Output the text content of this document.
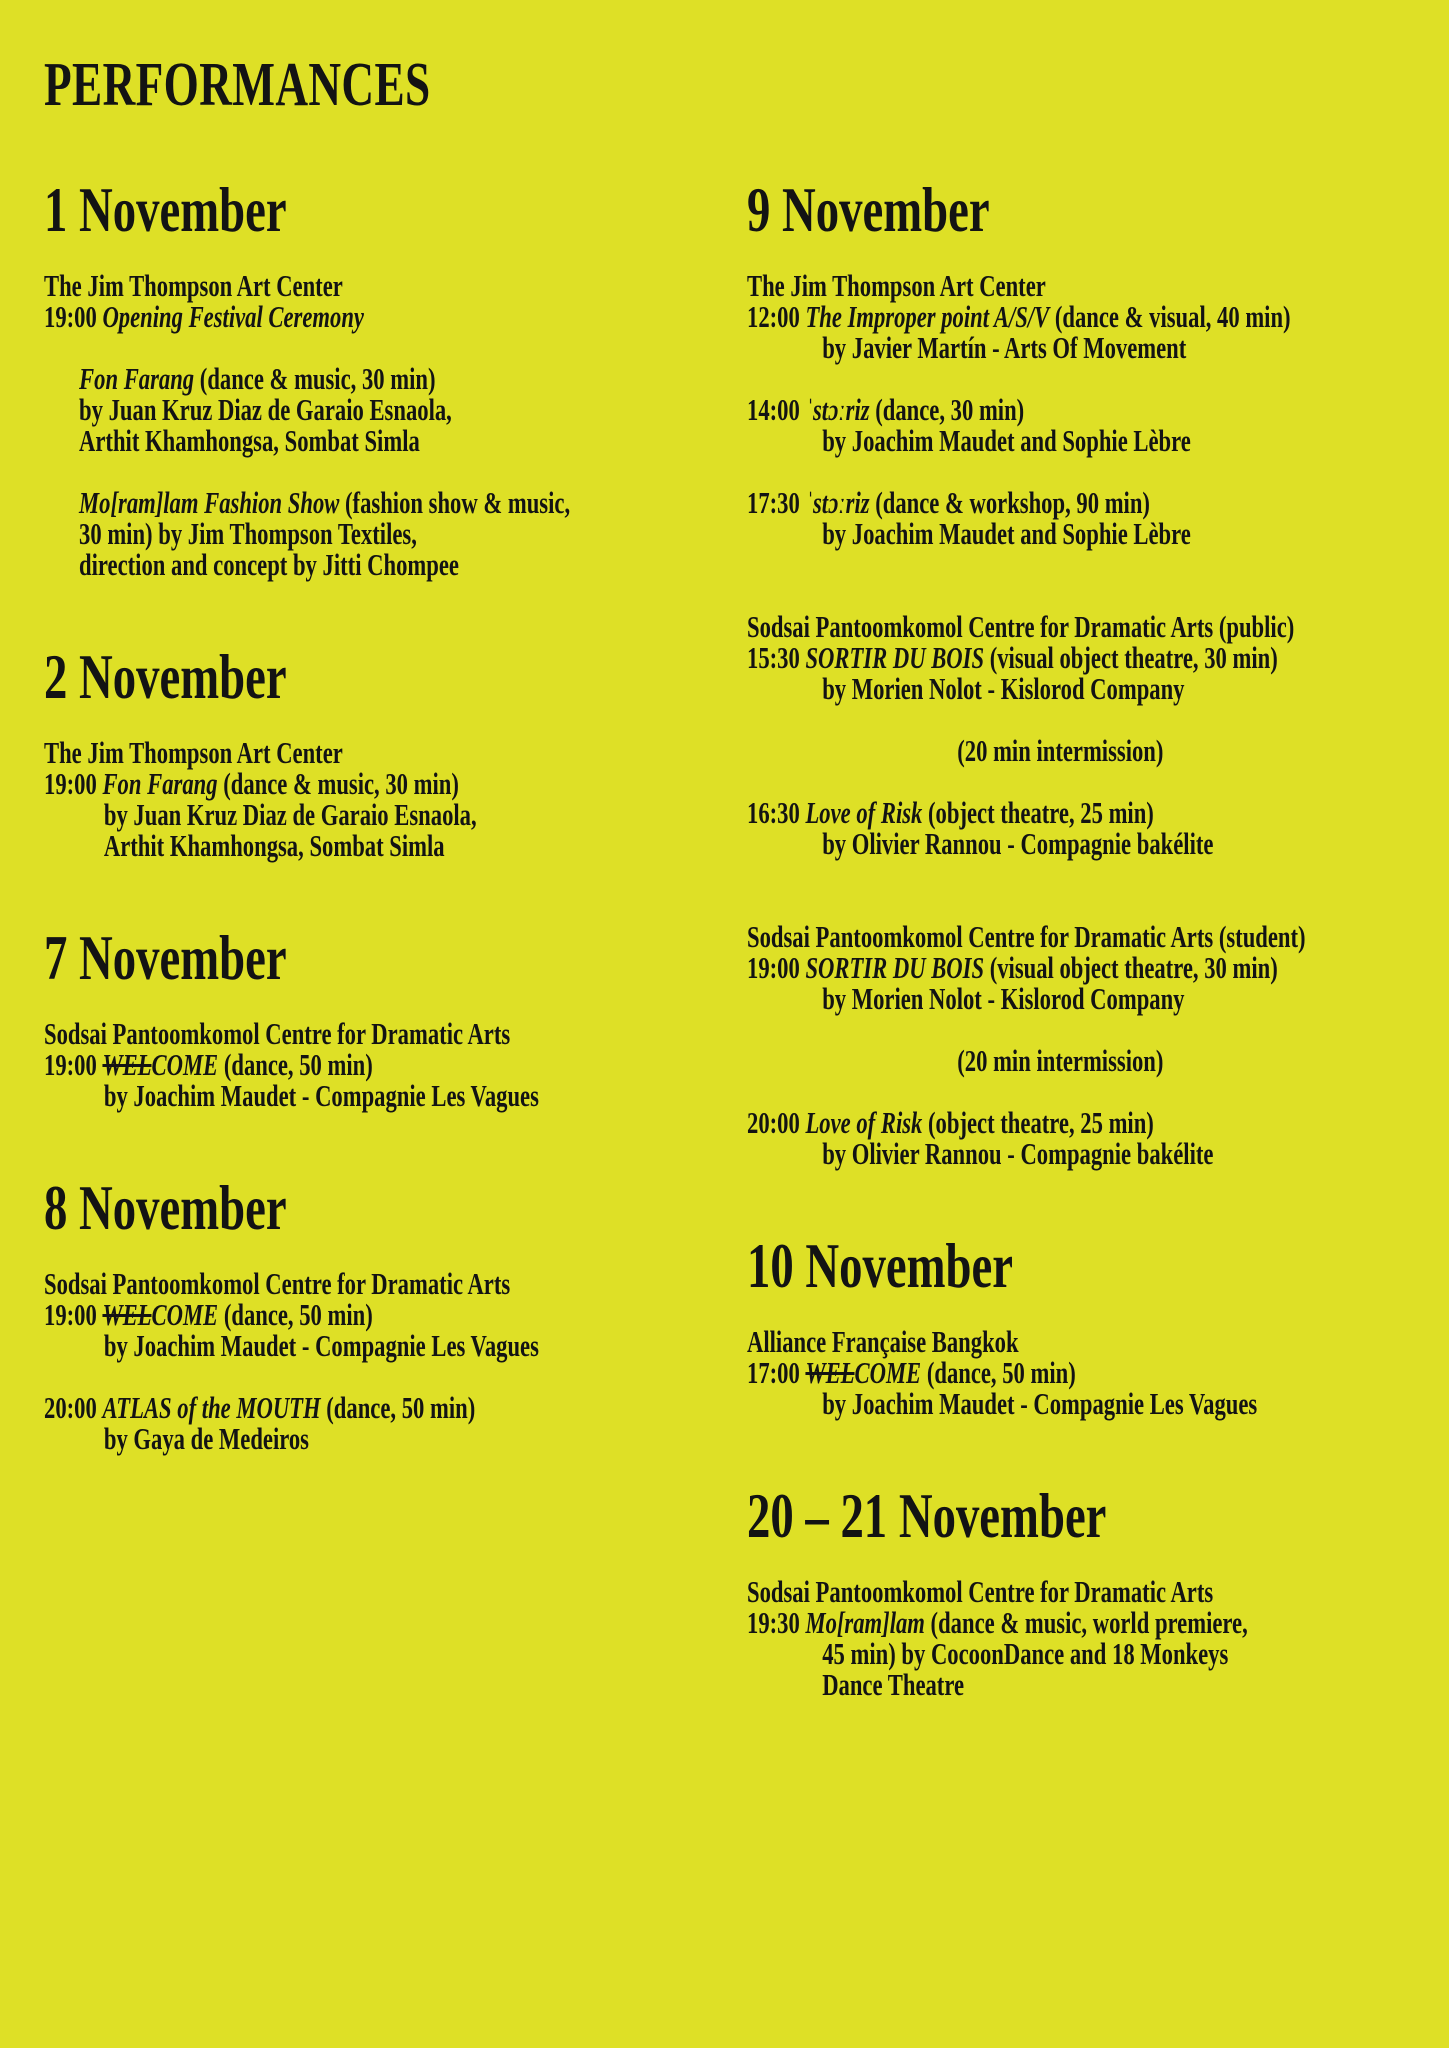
PERFORMANCES
1 November

The Jim Thompson Art Center

19:00 Opening Festival Ceremony

Fon Farang (dance & music, 30 min)

by Juan Kruz Diaz de Garaio Esnaola,

Arthit Khamhongsa, Sombat Simla

Mo[ram]lam Fashion Show (fashion show & music,

30 min) by Jim Thompson Textiles,

direction and concept by Jitti Chompee

2 November

The Jim Thompson Art Center

19:00 Fon Farang (dance & music, 30 min)

by Juan Kruz Diaz de Garaio Esnaola,

Arthit Khamhongsa, Sombat Simla

7 November

Sodsai Pantoomkomol Centre for Dramatic Arts

19:00 WELCOME (dance, 50 min)

by Joachim Maudet - Compagnie Les Vagues

8 November

Sodsai Pantoomkomol Centre for Dramatic Arts

19:00 WELCOME (dance, 50 min)

by Joachim Maudet - Compagnie Les Vagues

20:00 ATLAS of the MOUTH (dance, 50 min)

by Gaya de Medeiros

9 November

The Jim Thompson Art Center

12:00 The Improper point A/S/V (dance & visual, 40 min)

by Javier Martín - Arts Of Movement

14:00 ˈstɔːriz (dance, 30 min)

by Joachim Maudet and Sophie Lèbre

17:30 ˈstɔːriz (dance & workshop, 90 min)

by Joachim Maudet and Sophie Lèbre

Sodsai Pantoomkomol Centre for Dramatic Arts (public)

15:30 SORTIR DU BOIS (visual object theatre, 30 min)

by Morien Nolot - Kislorod Company

(20 min intermission)

16:30 Love of Risk (object theatre, 25 min)

by Olivier Rannou - Compagnie bakélite

Sodsai Pantoomkomol Centre for Dramatic Arts (student)

19:00 SORTIR DU BOIS (visual object theatre, 30 min)

by Morien Nolot - Kislorod Company

(20 min intermission)

20:00 Love of Risk (object theatre, 25 min)

by Olivier Rannou - Compagnie bakélite

10 November

Alliance Française Bangkok

17:00 WELCOME (dance, 50 min)

by Joachim Maudet - Compagnie Les Vagues

20 – 21 November

Sodsai Pantoomkomol Centre for Dramatic Arts

19:30 Mo[ram]lam (dance & music, world premiere,

45 min) by CocoonDance and 18 Monkeys

Dance Theatre
